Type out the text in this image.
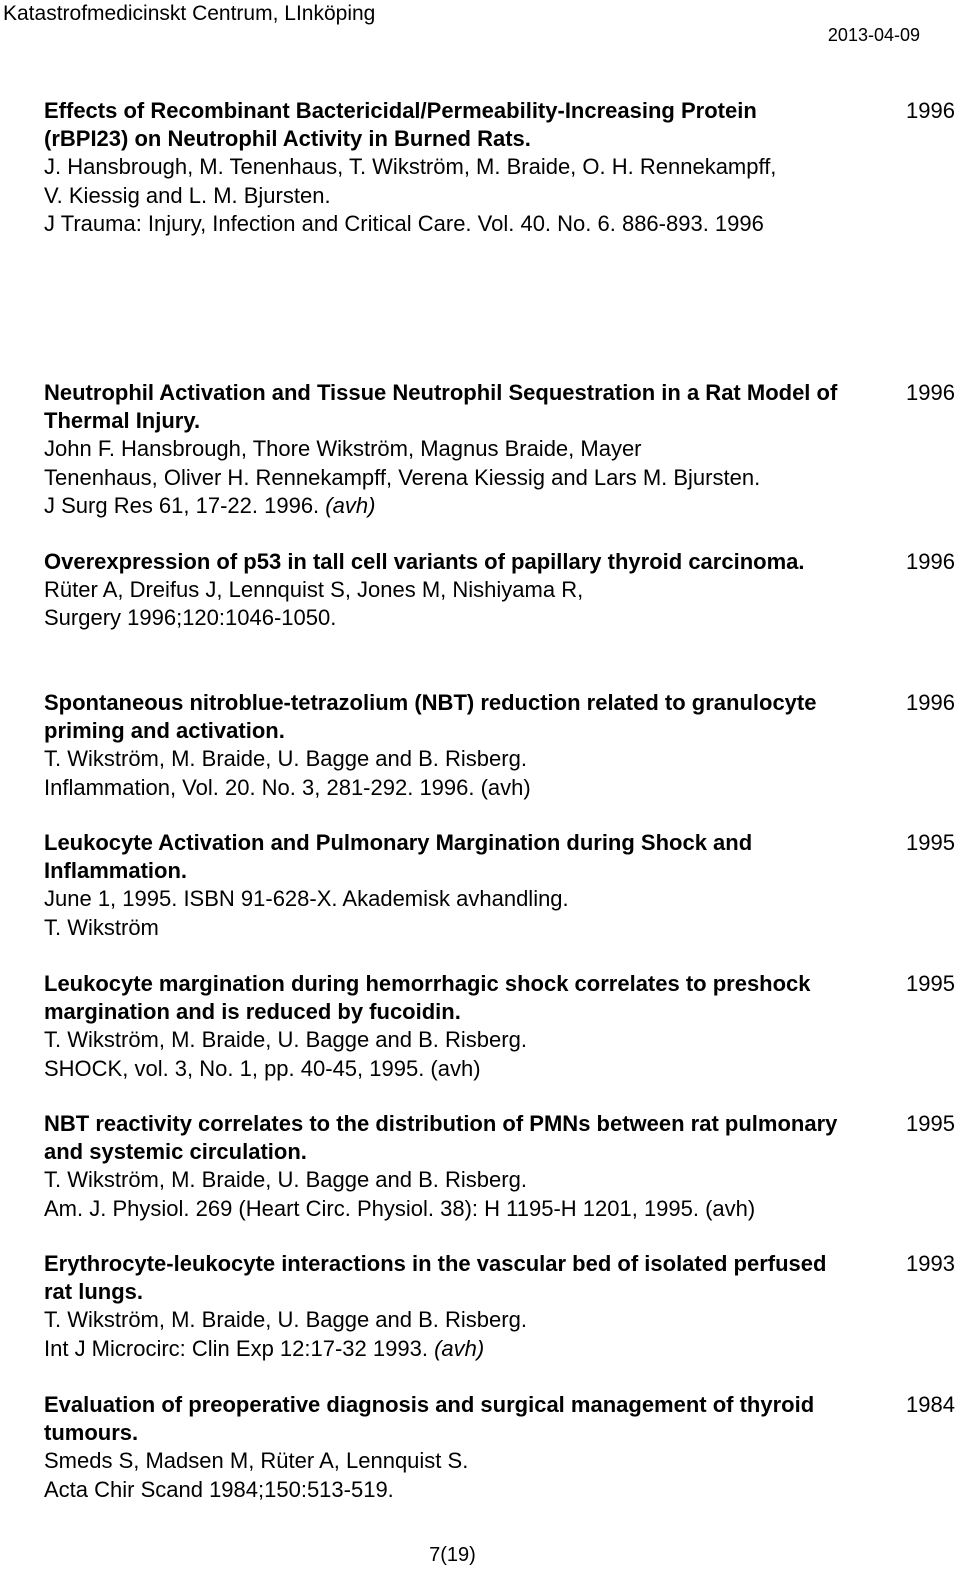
Katastrofmedicinskt Centrum, LInköping
2013-04-09
Effects of Recombinant Bactericidal/Permeability-Increasing Protein (rBPI23) on Neutrophil Activity in Burned Rats.
J. Hansbrough, M. Tenenhaus, T. Wikström, M. Braide, O. H. Rennekampff,
V. Kiessig and L. M. Bjursten.
J Trauma: Injury, Infection and Critical Care. Vol. 40. No. 6. 886-893. 1996
1996
Neutrophil Activation and Tissue Neutrophil Sequestration in a Rat Model of Thermal Injury.
John F. Hansbrough, Thore Wikström, Magnus Braide, Mayer
Tenenhaus, Oliver H. Rennekampff, Verena Kiessig and Lars M. Bjursten.
J Surg Res 61, 17-22. 1996. (avh)
1996
Overexpression of p53 in tall cell variants of papillary thyroid carcinoma.
Rüter A, Dreifus J, Lennquist S, Jones M, Nishiyama R,
Surgery 1996;120:1046-1050.
1996
Spontaneous nitroblue-tetrazolium (NBT) reduction related to granulocyte priming and activation.
T. Wikström, M. Braide, U. Bagge and B. Risberg.
Inflammation, Vol. 20. No. 3, 281-292. 1996. (avh)
1996
Leukocyte Activation and Pulmonary Margination during Shock and Inflammation.
June 1, 1995. ISBN 91-628-X. Akademisk avhandling.
T. Wikström
1995
Leukocyte margination during hemorrhagic shock correlates to preshock margination and is reduced by fucoidin.
T. Wikström, M. Braide, U. Bagge and B. Risberg.
SHOCK, vol. 3, No. 1, pp. 40-45, 1995. (avh)
1995
NBT reactivity correlates to the distribution of PMNs between rat pulmonary and systemic circulation.
T. Wikström, M. Braide, U. Bagge and B. Risberg.
Am. J. Physiol. 269 (Heart Circ. Physiol. 38): H 1195-H 1201, 1995. (avh)
1995
Erythrocyte-leukocyte interactions in the vascular bed of isolated perfused rat lungs.
T. Wikström, M. Braide, U. Bagge and B. Risberg.
Int J Microcirc: Clin Exp 12:17-32 1993. (avh)
1993
Evaluation of preoperative diagnosis and surgical management of thyroid tumours.
Smeds S, Madsen M, Rüter A, Lennquist S.
Acta Chir Scand 1984;150:513-519.
1984
7(19)
